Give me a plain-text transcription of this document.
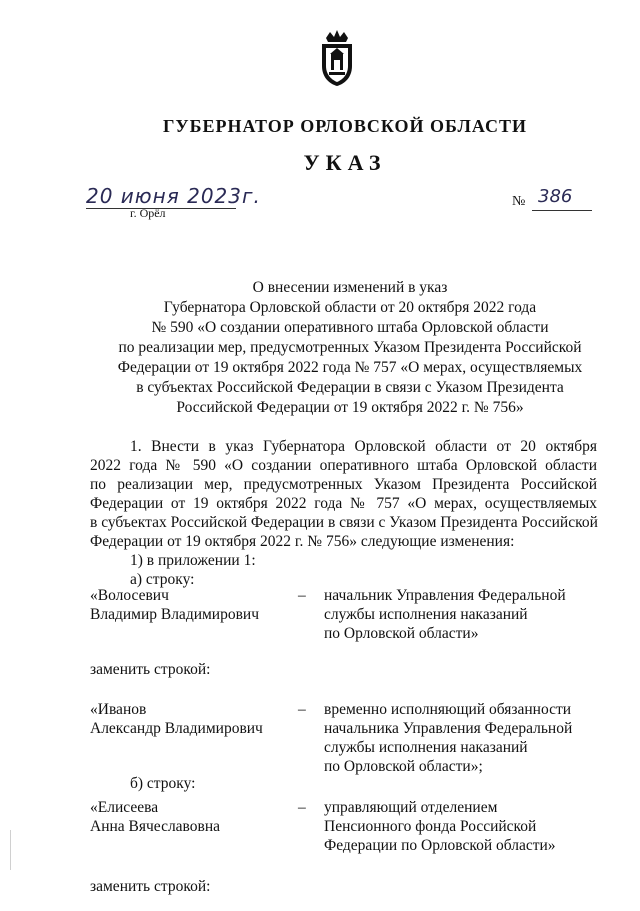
ГУБЕРНАТОР ОРЛОВСКОЙ ОБЛАСТИ
УКАЗ
20 июня 2023г.
г. Орёл
№ 386
О внесении изменений в указ
Губернатора Орловской области от 20 октября 2022 года
№ 590 «О создании оперативного штаба Орловской области
по реализации мер, предусмотренных Указом Президента Российской
Федерации от 19 октября 2022 года № 757 «О мерах, осуществляемых
в субъектах Российской Федерации в связи с Указом Президента
Российской Федерации от 19 октября 2022 г. № 756»
1. Внести в указ Губернатора Орловской области от 20 октября
2022 года № 590 «О создании оперативного штаба Орловской области
по реализации мер, предусмотренных Указом Президента Российской
Федерации от 19 октября 2022 года № 757 «О мерах, осуществляемых
в субъектах Российской Федерации в связи с Указом Президента Российской
Федерации от 19 октября 2022 г. № 756» следующие изменения:
1) в приложении 1:
а) строку:
«Волосевич
Владимир Владимирович
– начальник Управления Федеральной
службы исполнения наказаний
по Орловской области»
заменить строкой:
«Иванов
Александр Владимирович
– временно исполняющий обязанности
начальника Управления Федеральной
службы исполнения наказаний
по Орловской области»;
б) строку:
«Елисеева
Анна Вячеславовна
– управляющий отделением
Пенсионного фонда Российской
Федерации по Орловской области»
заменить строкой:
